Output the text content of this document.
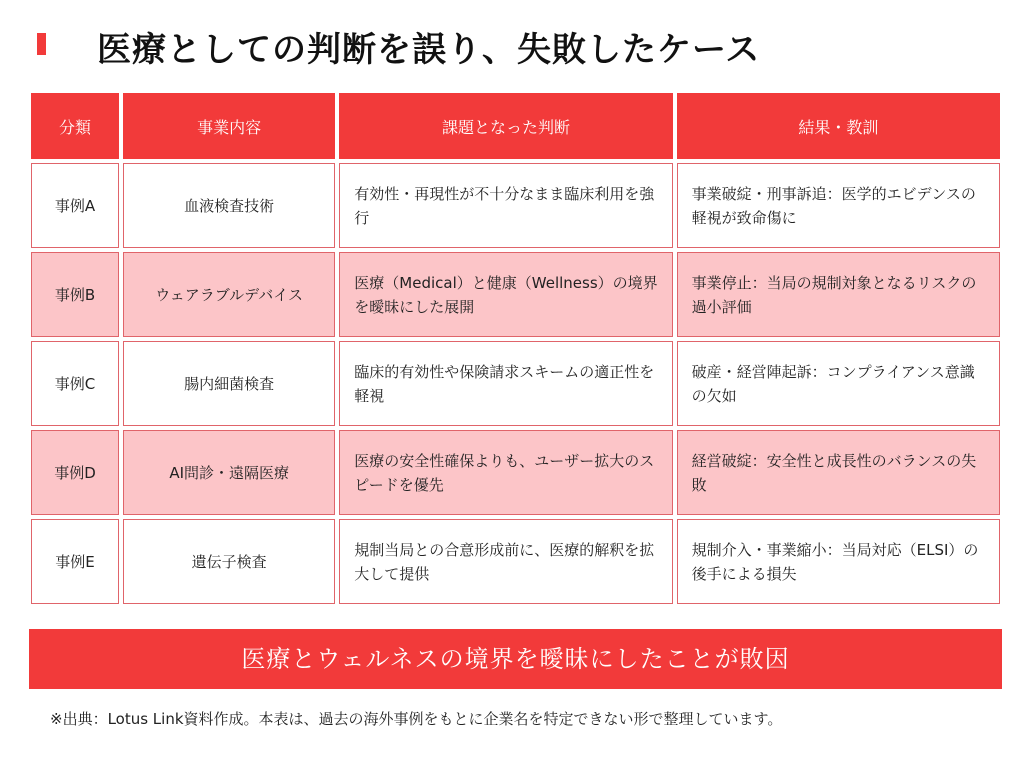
医療としての判断を誤り、失敗したケース
分類	事業内容	課題となった判断	結果・教訓
事例A	血液検査技術	有効性・再現性が不十分なまま臨床利用を強行	事業破綻・刑事訴追：医学的エビデンスの軽視が致命傷に
事例B	ウェアラブルデバイス	医療（Medical）と健康（Wellness）の境界を曖昧にした展開	事業停止：当局の規制対象となるリスクの過小評価
事例C	腸内細菌検査	臨床的有効性や保険請求スキームの適正性を軽視	破産・経営陣起訴：コンプライアンス意識の欠如
事例D	AI問診・遠隔医療	医療の安全性確保よりも、ユーザー拡大のスピードを優先	経営破綻：安全性と成長性のバランスの失敗
事例E	遺伝子検査	規制当局との合意形成前に、医療的解釈を拡大して提供	規制介入・事業縮小：当局対応（ELSI）の後手による損失
医療とウェルネスの境界を曖昧にしたことが敗因
※出典：Lotus Link資料作成。本表は、過去の海外事例をもとに企業名を特定できない形で整理しています。
